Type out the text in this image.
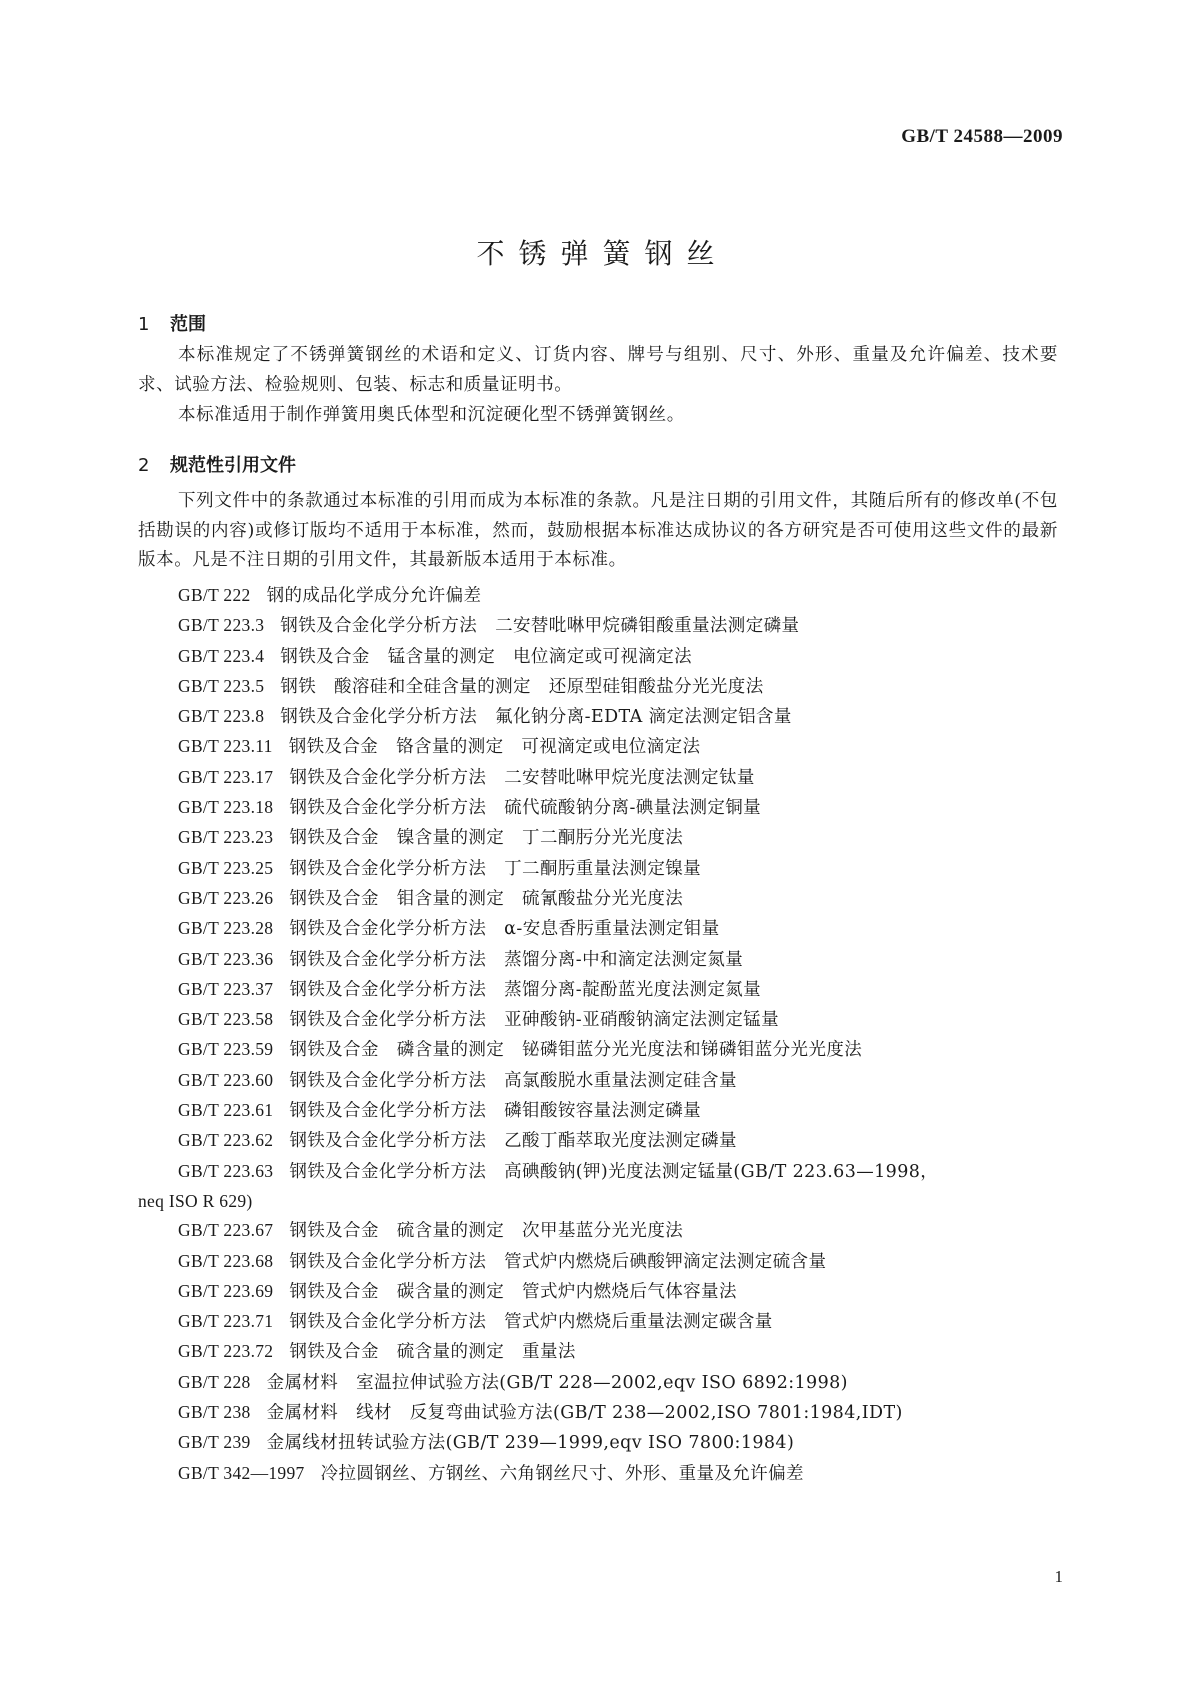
GB/T 24588—2009
不锈弹簧钢丝
1 范围

本标准规定了不锈弹簧钢丝的术语和定义、订货内容、牌号与组别、尺寸、外形、重量及允许偏差、技术要求、试验方法、检验规则、包装、标志和质量证明书。

本标准适用于制作弹簧用奥氏体型和沉淀硬化型不锈弹簧钢丝。

2 规范性引用文件

下列文件中的条款通过本标准的引用而成为本标准的条款。凡是注日期的引用文件，其随后所有的修改单(不包括勘误的内容)或修订版均不适用于本标准，然而，鼓励根据本标准达成协议的各方研究是否可使用这些文件的最新版本。凡是不注日期的引用文件，其最新版本适用于本标准。

GB/T 222 钢的成品化学成分允许偏差
GB/T 223.3 钢铁及合金化学分析方法　二安替吡啉甲烷磷钼酸重量法测定磷量
GB/T 223.4 钢铁及合金　锰含量的测定　电位滴定或可视滴定法
GB/T 223.5 钢铁　酸溶硅和全硅含量的测定　还原型硅钼酸盐分光光度法
GB/T 223.8 钢铁及合金化学分析方法　氟化钠分离-EDTA 滴定法测定铝含量
GB/T 223.11 钢铁及合金　铬含量的测定　可视滴定或电位滴定法
GB/T 223.17 钢铁及合金化学分析方法　二安替吡啉甲烷光度法测定钛量
GB/T 223.18 钢铁及合金化学分析方法　硫代硫酸钠分离-碘量法测定铜量
GB/T 223.23 钢铁及合金　镍含量的测定　丁二酮肟分光光度法
GB/T 223.25 钢铁及合金化学分析方法　丁二酮肟重量法测定镍量
GB/T 223.26 钢铁及合金　钼含量的测定　硫氰酸盐分光光度法
GB/T 223.28 钢铁及合金化学分析方法　α-安息香肟重量法测定钼量
GB/T 223.36 钢铁及合金化学分析方法　蒸馏分离-中和滴定法测定氮量
GB/T 223.37 钢铁及合金化学分析方法　蒸馏分离-靛酚蓝光度法测定氮量
GB/T 223.58 钢铁及合金化学分析方法　亚砷酸钠-亚硝酸钠滴定法测定锰量
GB/T 223.59 钢铁及合金　磷含量的测定　铋磷钼蓝分光光度法和锑磷钼蓝分光光度法
GB/T 223.60 钢铁及合金化学分析方法　高氯酸脱水重量法测定硅含量
GB/T 223.61 钢铁及合金化学分析方法　磷钼酸铵容量法测定磷量
GB/T 223.62 钢铁及合金化学分析方法　乙酸丁酯萃取光度法测定磷量
GB/T 223.63 钢铁及合金化学分析方法　高碘酸钠(钾)光度法测定锰量(GB/T 223.63—1998，
neq ISO R 629)
GB/T 223.67 钢铁及合金　硫含量的测定　次甲基蓝分光光度法
GB/T 223.68 钢铁及合金化学分析方法　管式炉内燃烧后碘酸钾滴定法测定硫含量
GB/T 223.69 钢铁及合金　碳含量的测定　管式炉内燃烧后气体容量法
GB/T 223.71 钢铁及合金化学分析方法　管式炉内燃烧后重量法测定碳含量
GB/T 223.72 钢铁及合金　硫含量的测定　重量法
GB/T 228 金属材料　室温拉伸试验方法(GB/T 228—2002,eqv ISO 6892:1998)
GB/T 238 金属材料　线材　反复弯曲试验方法(GB/T 238—2002,ISO 7801:1984,IDT)
GB/T 239 金属线材扭转试验方法(GB/T 239—1999,eqv ISO 7800:1984)
GB/T 342—1997 冷拉圆钢丝、方钢丝、六角钢丝尺寸、外形、重量及允许偏差
1
